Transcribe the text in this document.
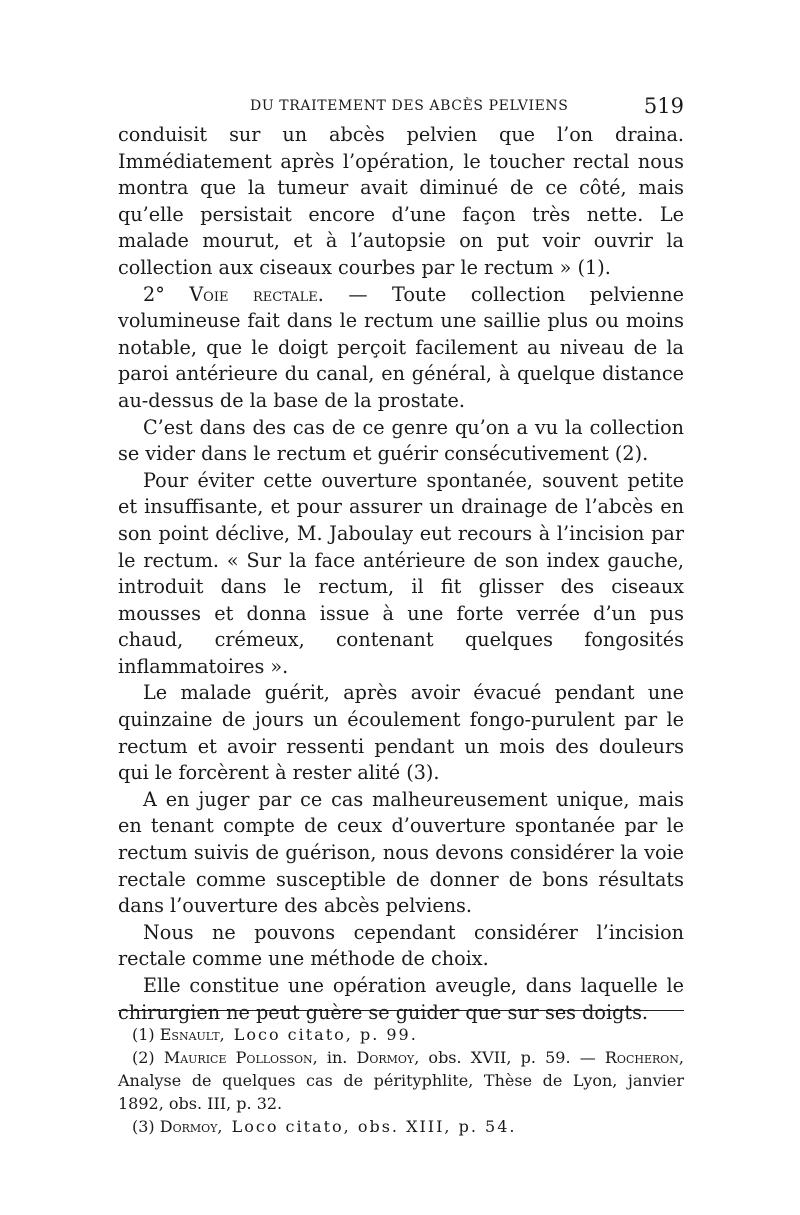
DU TRAITEMENT DES ABCÈS PELVIENS	519

conduisit sur un abcès pelvien que l’on draina. Immédiatement après l’opération, le toucher rectal nous montra que la tumeur avait diminué de ce côté, mais qu’elle persistait encore d’une façon très nette. Le malade mourut, et à l’autopsie on put voir ouvrir la collection aux ciseaux courbes par le rectum » (1).

2° Voie rectale. — Toute collection pelvienne volumineuse fait dans le rectum une saillie plus ou moins notable, que le doigt perçoit facilement au niveau de la paroi antérieure du canal, en général, à quelque distance au-dessus de la base de la prostate.

C’est dans des cas de ce genre qu’on a vu la collection se vider dans le rectum et guérir consécutivement (2).

Pour éviter cette ouverture spontanée, souvent petite et insuffisante, et pour assurer un drainage de l’abcès en son point déclive, M. Jaboulay eut recours à l’incision par le rectum. « Sur la face antérieure de son index gauche, introduit dans le rectum, il fit glisser des ciseaux mousses et donna issue à une forte verrée d’un pus chaud, crémeux, contenant quelques fongosités inflammatoires ».

Le malade guérit, après avoir évacué pendant une quinzaine de jours un écoulement fongo-purulent par le rectum et avoir ressenti pendant un mois des douleurs qui le forcèrent à rester alité (3).

A en juger par ce cas malheureusement unique, mais en tenant compte de ceux d’ouverture spontanée par le rectum suivis de guérison, nous devons considérer la voie rectale comme susceptible de donner de bons résultats dans l’ouverture des abcès pelviens.

Nous ne pouvons cependant considérer l’incision rectale comme une méthode de choix.

Elle constitue une opération aveugle, dans laquelle le chirurgien ne peut guère se guider que sur ses doigts.

(1) Esnault, Loco citato, p. 99.

(2) Maurice Pollosson, in. Dormoy, obs. XVII, p. 59. — Rocheron, Analyse de quelques cas de pérityphlite, Thèse de Lyon, janvier 1892, obs. III, p. 32.

(3) Dormoy, Loco citato, obs. XIII, p. 54.
